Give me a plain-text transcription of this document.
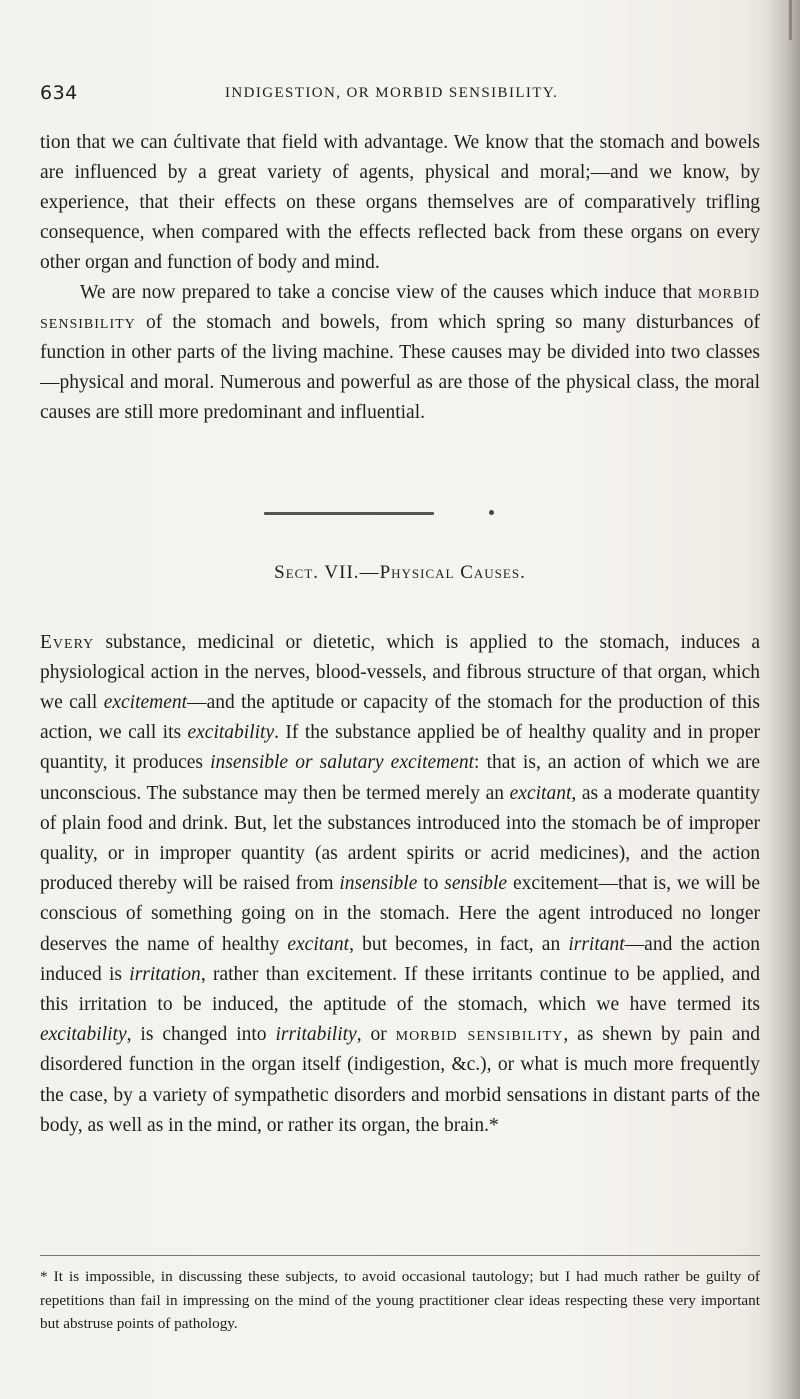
634	INDIGESTION, OR MORBID SENSIBILITY.

tion that we can ćultivate that field with advantage. We know that the stomach and bowels are influenced by a great variety of agents, physical and moral;—and we know, by experience, that their effects on these organs themselves are of comparatively trifling consequence, when compared with the effects reflected back from these organs on every other organ and function of body and mind.

We are now prepared to take a concise view of the causes which induce that morbid sensibility of the stomach and bowels, from which spring so many disturbances of function in other parts of the living machine. These causes may be divided into two classes—physical and moral. Numerous and powerful as are those of the physical class, the moral causes are still more predominant and influential.

Sect. VII.—Physical Causes.

Every substance, medicinal or dietetic, which is applied to the stomach, induces a physiological action in the nerves, blood-vessels, and fibrous structure of that organ, which we call excitement—and the aptitude or capacity of the stomach for the production of this action, we call its excitability. If the substance applied be of healthy quality and in proper quantity, it produces insensible or salutary excitement: that is, an action of which we are unconscious. The substance may then be termed merely an excitant, as a moderate quantity of plain food and drink. But, let the substances introduced into the stomach be of improper quality, or in improper quantity (as ardent spirits or acrid medicines), and the action produced thereby will be raised from insensible to sensible excitement—that is, we will be conscious of something going on in the stomach. Here the agent introduced no longer deserves the name of healthy excitant, but becomes, in fact, an irritant—and the action induced is irritation, rather than excitement. If these irritants continue to be applied, and this irritation to be induced, the aptitude of the stomach, which we have termed its excitability, is changed into irritability, or morbid sensibility, as shewn by pain and disordered function in the organ itself (indigestion, &c.), or what is much more frequently the case, by a variety of sympathetic disorders and morbid sensations in distant parts of the body, as well as in the mind, or rather its organ, the brain.*

* It is impossible, in discussing these subjects, to avoid occasional tautology; but I had much rather be guilty of repetitions than fail in impressing on the mind of the young practitioner clear ideas respecting these very important but abstruse points of pathology.
